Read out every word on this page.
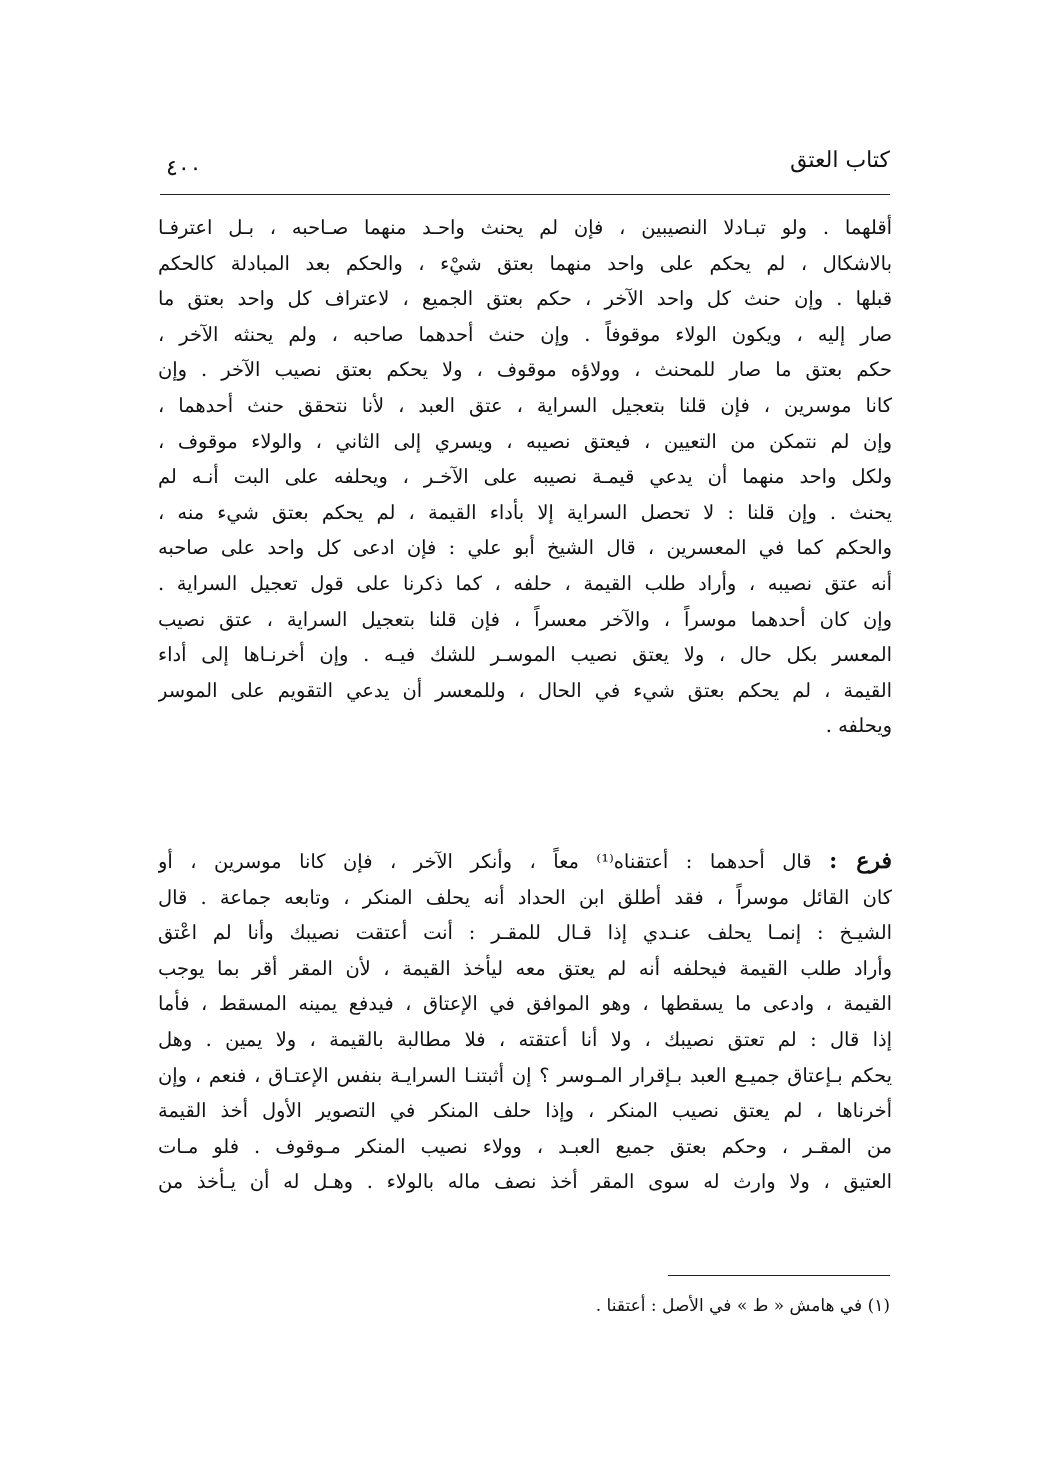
كتاب العتق
٤٠٠
أقلهما . ولو تبـادلا النصيبين ، فإن لم يحنث واحـد منهما صـاحبه ، بـل اعترفـا
بالاشكال ، لم يحكم على واحد منهما بعتق شيْء ، والحكم بعد المبادلة كالحكم
قبلها . وإن حنث كل واحد الآخر ، حكم بعتق الجميع ، لاعتراف كل واحد بعتق ما
صار إليه ، ويكون الولاء موقوفاً . وإن حنث أحدهما صاحبه ، ولم يحنثه الآخر ،
حكم بعتق ما صار للمحنث ، وولاؤه موقوف ، ولا يحكم بعتق نصيب الآخر . وإن
كانا موسرين ، فإن قلنا بتعجيل السراية ، عتق العبد ، لأنا نتحقق حنث أحدهما ،
وإن لم نتمكن من التعيين ، فيعتق نصيبه ، ويسري إلى الثاني ، والولاء موقوف ،
ولكل واحد منهما أن يدعي قيمـة نصيبه على الآخـر ، ويحلفه على البت أنـه لم
يحنث . وإن قلنا : لا تحصل السراية إلا بأداء القيمة ، لم يحكم بعتق شيء منه ،
والحكم كما في المعسرين ، قال الشيخ أبو علي : فإن ادعى كل واحد على صاحبه
أنه عتق نصيبه ، وأراد طلب القيمة ، حلفه ، كما ذكرنا على قول تعجيل السراية .
وإن كان أحدهما موسراً ، والآخر معسراً ، فإن قلنا بتعجيل السراية ، عتق نصيب
المعسر بكل حال ، ولا يعتق نصيب الموسـر للشك فيـه . وإن أخرنـاها إلى أداء
القيمة ، لم يحكم بعتق شيء في الحال ، وللمعسر أن يدعي التقويم على الموسر
ويحلفه .
فرع : قال أحدهما : أعتقناه⁽¹⁾ معاً ، وأنكر الآخر ، فإن كانا موسرين ، أو
كان القائل موسراً ، فقد أطلق ابن الحداد أنه يحلف المنكر ، وتابعه جماعة . قال
الشيـخ : إنمـا يحلف عنـدي إذا قـال للمقـر : أنت أعتقت نصيبك وأنا لم اعْتق
وأراد طلب القيمة فيحلفه أنه لم يعتق معه ليأخذ القيمة ، لأن المقر أقر بما يوجب
القيمة ، وادعى ما يسقطها ، وهو الموافق في الإعتاق ، فيدفع يمينه المسقط ، فأما
إذا قال : لم تعتق نصيبك ، ولا أنا أعتقته ، فلا مطالبة بالقيمة ، ولا يمين . وهل
يحكم بـإعتاق جميـع العبد بـإقرار المـوسر ؟ إن أثبتنـا السرايـة بنفس الإعتـاق ، فنعم ، وإن
أخرناها ، لم يعتق نصيب المنكر ، وإذا حلف المنكر في التصوير الأول أخذ القيمة
من المقـر ، وحكم بعتق جميع العبـد ، وولاء نصيب المنكر مـوقوف . فلو مـات
العتيق ، ولا وارث له سوى المقر أخذ نصف ماله بالولاء . وهـل له أن يـأخذ من
(١) في هامش « ط » في الأصل : أعتقنا .
